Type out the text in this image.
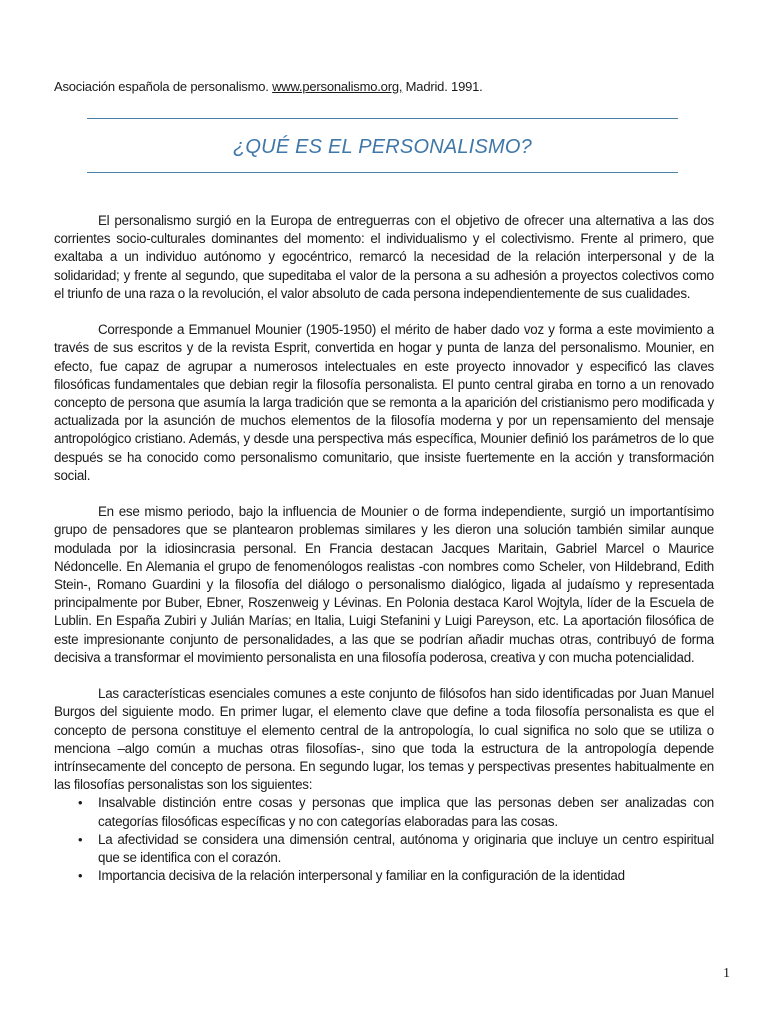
Asociación española de personalismo. www.personalismo.org, Madrid. 1991.
¿QUÉ ES EL PERSONALISMO?

El personalismo surgió en la Europa de entreguerras con el objetivo de ofrecer una alternativa a las dos corrientes socio-culturales dominantes del momento: el individualismo y el colectivismo. Frente al primero, que exaltaba a un individuo autónomo y egocéntrico, remarcó la necesidad de la relación interpersonal y de la solidaridad; y frente al segundo, que supeditaba el valor de la persona a su adhesión a proyectos colectivos como el triunfo de una raza o la revolución, el valor absoluto de cada persona independientemente de sus cualidades.

Corresponde a Emmanuel Mounier (1905-1950) el mérito de haber dado voz y forma a este movimiento a través de sus escritos y de la revista Esprit, convertida en hogar y punta de lanza del personalismo. Mounier, en efecto, fue capaz de agrupar a numerosos intelectuales en este proyecto innovador y especificó las claves filosóficas fundamentales que debian regir la filosofía personalista. El punto central giraba en torno a un renovado concepto de persona que asumía la larga tradición que se remonta a la aparición del cristianismo pero modificada y actualizada por la asunción de muchos elementos de la filosofía moderna y por un repensamiento del mensaje antropológico cristiano. Además, y desde una perspectiva más específica, Mounier definió los parámetros de lo que después se ha conocido como personalismo comunitario, que insiste fuertemente en la acción y transformación social.

En ese mismo periodo, bajo la influencia de Mounier o de forma independiente, surgió un importantísimo grupo de pensadores que se plantearon problemas similares y les dieron una solución también similar aunque modulada por la idiosincrasia personal. En Francia destacan Jacques Maritain, Gabriel Marcel o Maurice Nédoncelle. En Alemania el grupo de fenomenólogos realistas -con nombres como Scheler, von Hildebrand, Edith Stein-, Romano Guardini y la filosofía del diálogo o personalismo dialógico, ligada al judaísmo y representada principalmente por Buber, Ebner, Roszenweig y Lévinas. En Polonia destaca Karol Wojtyla, líder de la Escuela de Lublin. En España Zubiri y Julián Marías; en Italia, Luigi Stefanini y Luigi Pareyson, etc. La aportación filosófica de este impresionante conjunto de personalidades, a las que se podrían añadir muchas otras, contribuyó de forma decisiva a transformar el movimiento personalista en una filosofía poderosa, creativa y con mucha potencialidad.

Las características esenciales comunes a este conjunto de filósofos han sido identificadas por Juan Manuel Burgos del siguiente modo. En primer lugar, el elemento clave que define a toda filosofía personalista es que el concepto de persona constituye el elemento central de la antropología, lo cual significa no solo que se utiliza o menciona –algo común a muchas otras filosofías-, sino que toda la estructura de la antropología depende intrínsecamente del concepto de persona. En segundo lugar, los temas y perspectivas presentes habitualmente en las filosofías personalistas son los siguientes:

• Insalvable distinción entre cosas y personas que implica que las personas deben ser analizadas con categorías filosóficas específicas y no con categorías elaboradas para las cosas.
• La afectividad se considera una dimensión central, autónoma y originaria que incluye un centro espiritual que se identifica con el corazón.
• Importancia decisiva de la relación interpersonal y familiar en la configuración de la identidad
1
